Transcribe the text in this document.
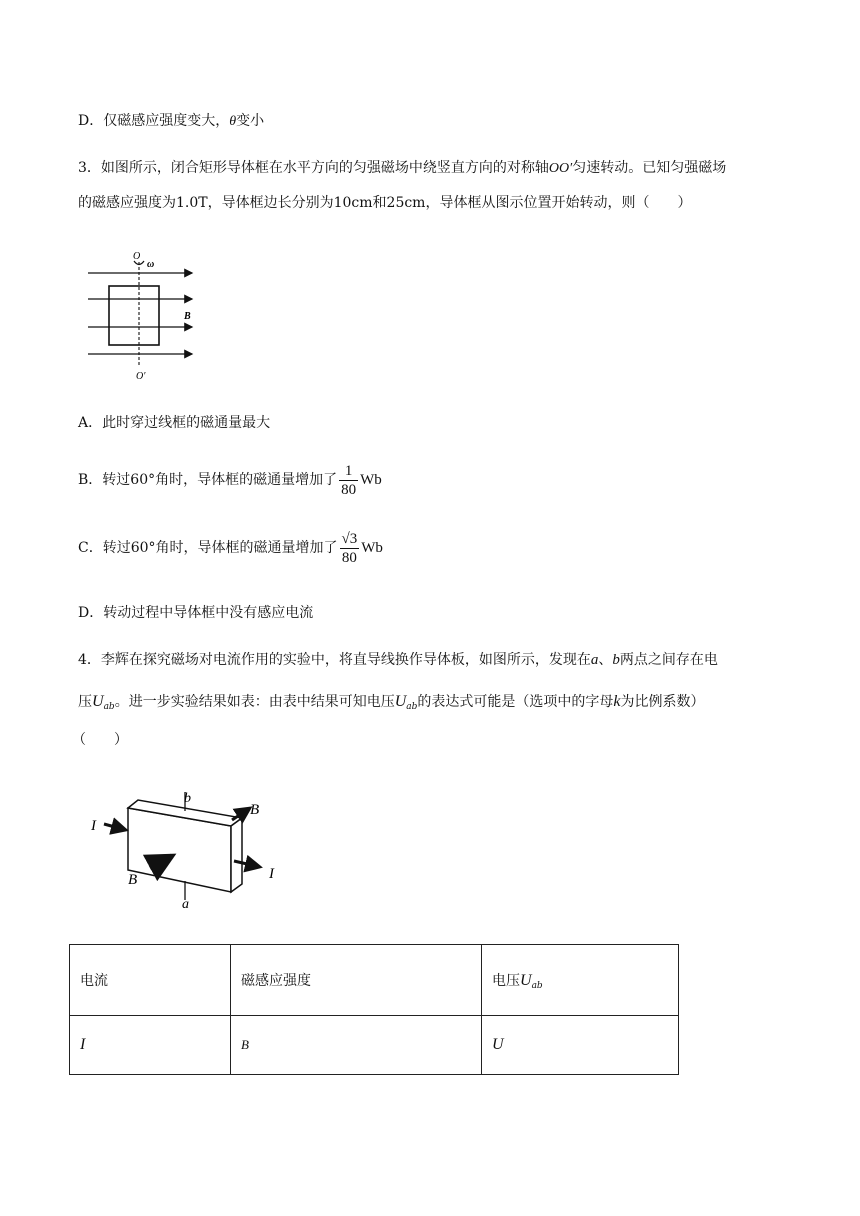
D．仅磁感应强度变大，θ变小
3．如图所示，闭合矩形导体框在水平方向的匀强磁场中绕竖直方向的对称轴OO′匀速转动。已知匀强磁场
的磁感应强度为1.0T，导体框边长分别为10cm和25cm，导体框从图示位置开始转动，则（　　）
O
ω
B
O′
A．此时穿过线框的磁通量最大
B．转过60°角时，导体框的磁通量增加了 $\frac{1}{80}$ Wb
C．转过60°角时，导体框的磁通量增加了 $\frac{√3}{80}$ Wb
D．转动过程中导体框中没有感应电流
4．李辉在探究磁场对电流作用的实验中，将直导线换作导体板，如图所示，发现在a、b两点之间存在电
压$U_{ab}$。进一步实验结果如表：由表中结果可知电压$U_{ab}$的表达式可能是（选项中的字母k为比例系数）
（　　）
b
B
I
I
B
a
电流	磁感应强度	电压$U_{ab}$
I	B	U
